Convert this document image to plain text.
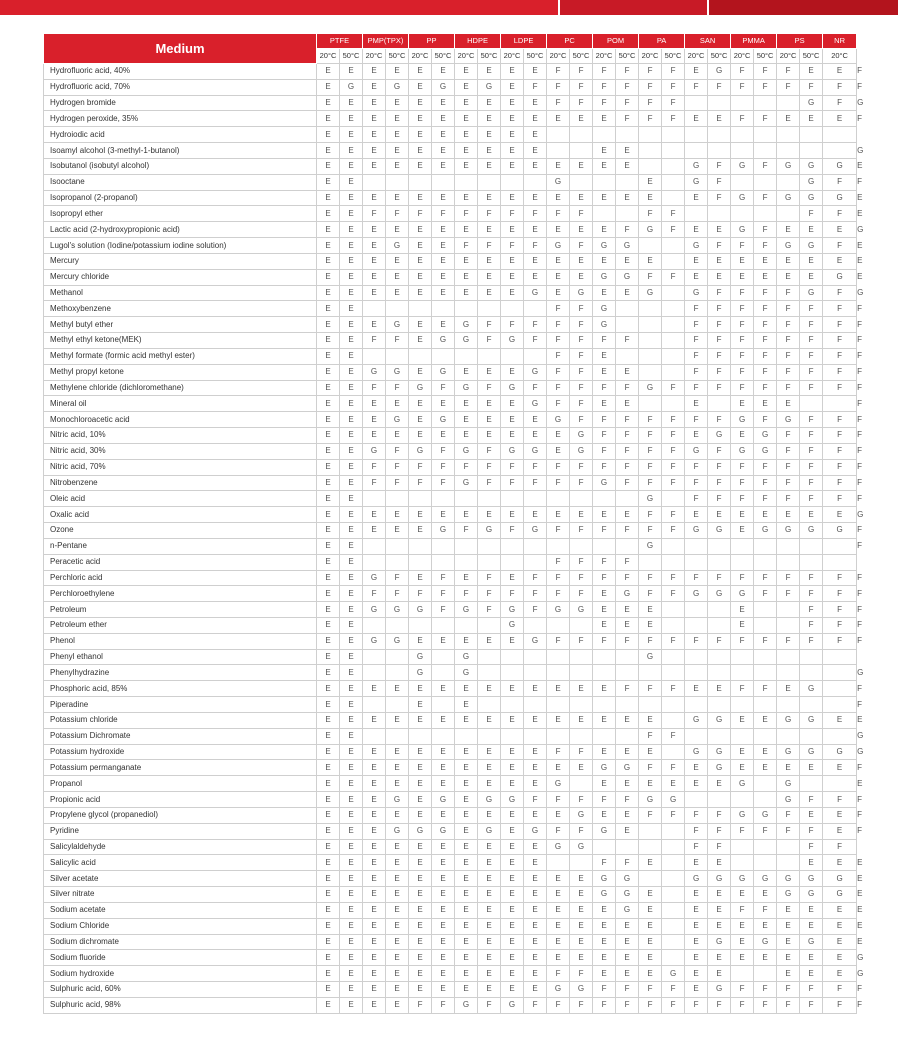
Medium	PTFE		PMP(TPX)		PP		HDPE		LDPE		PC		POM		PA		SAN		PMMA		PS		NR	
	20°C	50°C	20°C	50°C	20°C	50°C	20°C	50°C	20°C	50°C	20°C	50°C	20°C	50°C	20°C	50°C	20°C	50°C	20°C	50°C	20°C	50°C	20°C	
Hydrofluoric acid, 40%	E	E	E	E	E	E	E	E	E	E	F	F	F	F	F	F	E	G	F	F	F	E	E	F
Hydrofluoric acid, 70%	E	G	E	G	E	G	E	G	E	F	F	F	F	F	F	F	F	F	F	F	F	F	F	F
Hydrogen bromide	E	E	E	E	E	E	E	E	E	E	F	F	F	F	F	F						G	F	G
Hydrogen peroxide, 35%	E	E	E	E	E	E	E	E	E	E	E	E	E	F	F	F	E	E	F	F	E	E	E	F
Hydroiodic acid	E	E	E	E	E	E	E	E	E	E														
Isoamyl alcohol (3-methyl-1-butanol)	E	E	E	E	E	E	E	E	E	E			E	E										G
Isobutanol (isobutyl alcohol)	E	E	E	E	E	E	E	E	E	E	E	E	E	E			G	F	G	F	G	G	G	E
Isooctane	E	E									G				E		G	F				G	F	F
Isopropanol (2-propanol)	E	E	E	E	E	E	E	E	E	E	E	E	E	E	E		E	F	G	F	G	G	G	E
Isopropyl ether	E	E	F	F	F	F	F	F	F	F	F	F			F	F						F	F	E
Lactic acid (2-hydroxypropionic acid)	E	E	E	E	E	E	E	E	E	E	E	E	E	F	G	F	E	E	G	F	E	E	E	G
Lugol's solution (Iodine/potassium iodine solution)	E	E	E	G	E	E	F	F	F	F	G	F	G	G			G	F	F	F	G	G	F	E
Mercury	E	E	E	E	E	E	E	E	E	E	E	E	E	E	E		E	E	E	E	E	E	E	E
Mercury chloride	E	E	E	E	E	E	E	E	E	E	E	E	G	G	F	F	E	E	E	E	E	E	G	E
Methanol	E	E	E	E	E	E	E	E	E	G	E	G	E	E	G		G	F	F	F	F	G	F	G
Methoxybenzene	E	E									F	F	G				F	F	F	F	F	F	F	F
Methyl butyl ether	E	E	E	G	E	E	G	F	F	F	F	F	G				F	F	F	F	F	F	F	F
Methyl ethyl ketone(MEK)	E	E	F	F	E	G	G	F	G	F	F	F	F	F			F	F	F	F	F	F	F	F
Methyl formate (formic acid methyl ester)	E	E									F	F	E				F	F	F	F	F	F	F	F
Methyl propyl ketone	E	E	G	G	E	G	E	E	E	G	F	F	E	E			F	F	F	F	F	F	F	F
Methylene chloride (dichloromethane)	E	E	F	F	G	F	G	F	G	F	F	F	F	F	G	F	F	F	F	F	F	F	F	F
Mineral oil	E	E	E	E	E	E	E	E	E	G	F	F	E	E			E		E	E	E			F
Monochloroacetic acid	E	E	E	G	E	G	E	E	E	E	G	F	F	F	F	F	F	F	G	F	G	F	F	F
Nitric acid, 10%	E	E	E	E	E	E	E	E	E	E	E	G	F	F	F	F	E	G	E	G	F	F	F	F
Nitric acid, 30%	E	E	G	F	G	F	G	F	G	G	E	G	F	F	F	F	G	F	G	G	F	F	F	F
Nitric acid, 70%	E	E	F	F	F	F	F	F	F	F	F	F	F	F	F	F	F	F	F	F	F	F	F	F
Nitrobenzene	E	E	F	F	F	F	G	F	F	F	F	F	G	F	F	F	F	F	F	F	F	F	F	F
Oleic acid	E	E													G		F	F	F	F	F	F	F	F
Oxalic acid	E	E	E	E	E	E	E	E	E	E	E	E	E	E	F	F	E	E	E	E	E	E	E	G
Ozone	E	E	E	E	E	G	F	G	F	G	F	F	F	F	F	F	G	G	E	G	G	G	G	F
n-Pentane	E	E													G									F
Peracetic acid	E	E									F	F	F	F										
Perchloric acid	E	E	G	F	E	F	E	F	E	F	F	F	F	F	F	F	F	F	F	F	F	F	F	F
Perchloroethylene	E	E	F	F	F	F	F	F	F	F	F	F	E	G	F	F	G	G	G	F	F	F	F	F
Petroleum	E	E	G	G	G	F	G	F	G	F	G	G	E	E	E				E			F	F	F
Petroleum ether	E	E							G				E	E	E				E			F	F	F
Phenol	E	E	G	G	E	E	E	E	E	G	F	F	F	F	F	F	F	F	F	F	F	F	F	F
Phenyl ethanol	E	E			G		G								G									
Phenylhydrazine	E	E			G		G																	G
Phosphoric acid, 85%	E	E	E	E	E	E	E	E	E	E	E	E	E	F	F	F	E	E	F	F	E	G		F
Piperadine	E	E			E		E																	F
Potassium chloride	E	E	E	E	E	E	E	E	E	E	E	E	E	E	E		G	G	E	E	G	G	E	E
Potassium Dichromate	E	E													F	F								G
Potassium hydroxide	E	E	E	E	E	E	E	E	E	E	F	F	E	E	E		G	G	E	E	G	G	G	G
Potassium permanganate	E	E	E	E	E	E	E	E	E	E	E	E	G	G	F	F	E	G	E	E	E	E	E	F
Propanol	E	E	E	E	E	E	E	E	E	E	G		E	E	E	E	E	E	G		G			E
Propionic acid	E	E	E	G	E	G	E	G	G	F	F	F	F	F	G	G					G	F	F	F
Propylene glycol (propanediol)	E	E	E	E	E	E	E	E	E	E	E	G	E	E	F	F	F	F	G	G	F	E	E	F
Pyridine	E	E	E	G	G	G	E	G	E	G	F	F	G	E			F	F	F	F	F	F	E	F
Salicylaldehyde	E	E	E	E	E	E	E	E	E	E	G	G					F	F				F	F	
Salicylic acid	E	E	E	E	E	E	E	E	E	E			F	F	E		E	E				E	E	E
Silver acetate	E	E	E	E	E	E	E	E	E	E	E	E	G	G			G	G	G	G	G	G	G	E
Silver nitrate	E	E	E	E	E	E	E	E	E	E	E	E	G	G	E		E	E	E	E	G	G	G	E
Sodium acetate	E	E	E	E	E	E	E	E	E	E	E	E	E	G	E		E	E	F	F	E	E	E	E
Sodium Chloride	E	E	E	E	E	E	E	E	E	E	E	E	E	E	E		E	E	E	E	E	E	E	E
Sodium dichromate	E	E	E	E	E	E	E	E	E	E	E	E	E	E	E		E	G	E	G	E	G	E	E
Sodium fluoride	E	E	E	E	E	E	E	E	E	E	E	E	E	E	E		E	E	E	E	E	E	E	G
Sodium hydroxide	E	E	E	E	E	E	E	E	E	E	F	F	E	E	E	G	E	E			E	E	E	G
Sulphuric acid, 60%	E	E	E	E	E	E	E	E	E	E	G	G	F	F	F	F	E	G	F	F	F	F	F	F
Sulphuric acid, 98%	E	E	E	E	F	F	G	F	G	F	F	F	F	F	F	F	F	F	F	F	F	F	F	F
